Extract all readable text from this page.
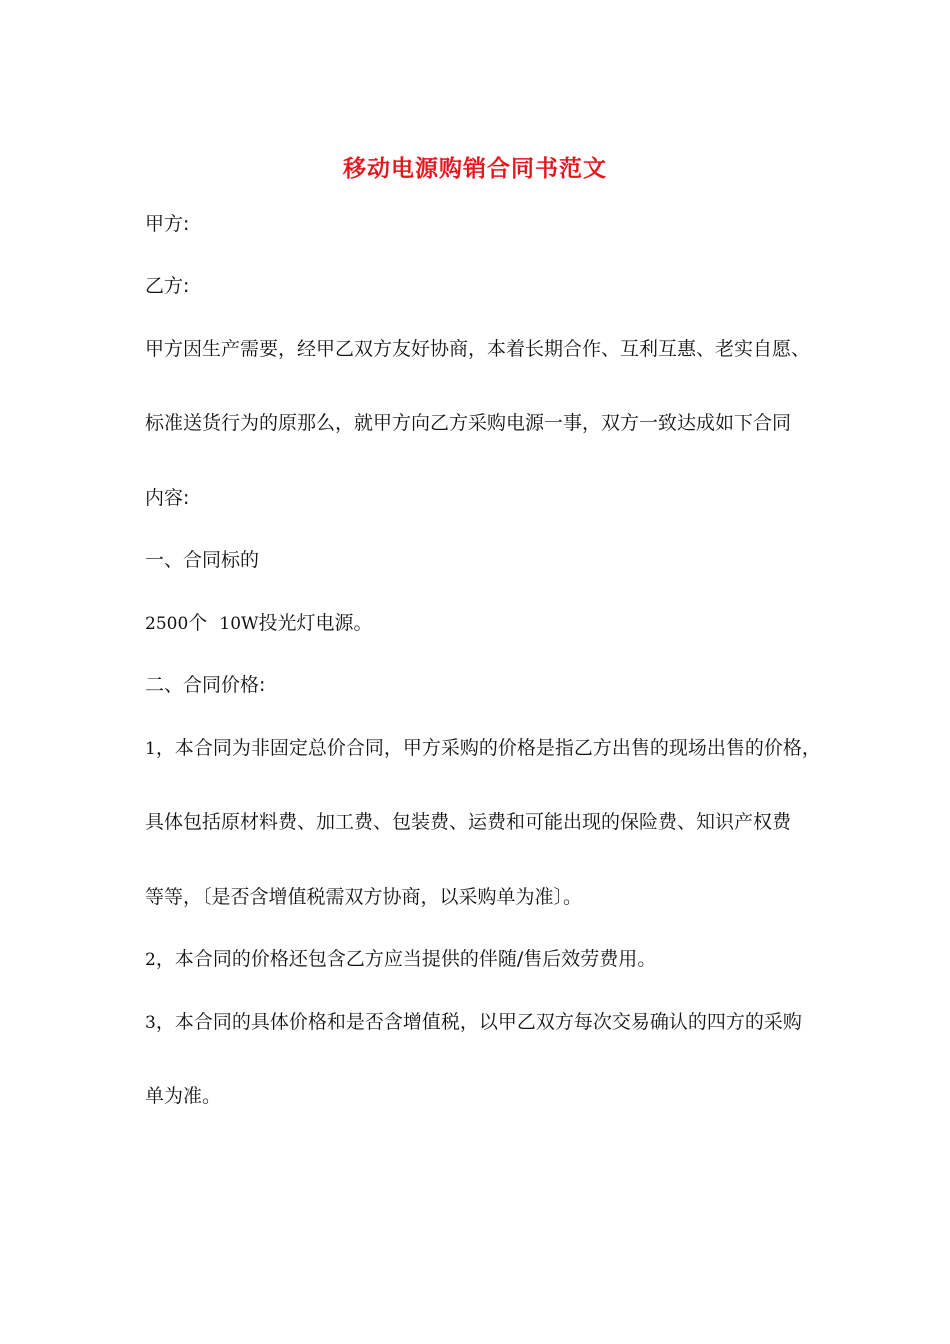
移动电源购销合同书范文
甲方:
乙方:
甲方因生产需要，经甲乙双方友好协商，本着长期合作、互利互惠、老实自愿、
标准送货行为的原那么，就甲方向乙方采购电源一事，双方一致达成如下合同
内容:
一、合同标的
2500个 10W投光灯电源。
二、合同价格:
1，本合同为非固定总价合同，甲方采购的价格是指乙方出售的现场出售的价格，
具体包括原材料费、加工费、包装费、运费和可能出现的保险费、知识产权费
等等，〔是否含增值税需双方协商，以采购单为准〕。
2，本合同的价格还包含乙方应当提供的伴随/售后效劳费用。
3，本合同的具体价格和是否含增值税，以甲乙双方每次交易确认的四方的采购
单为准。
